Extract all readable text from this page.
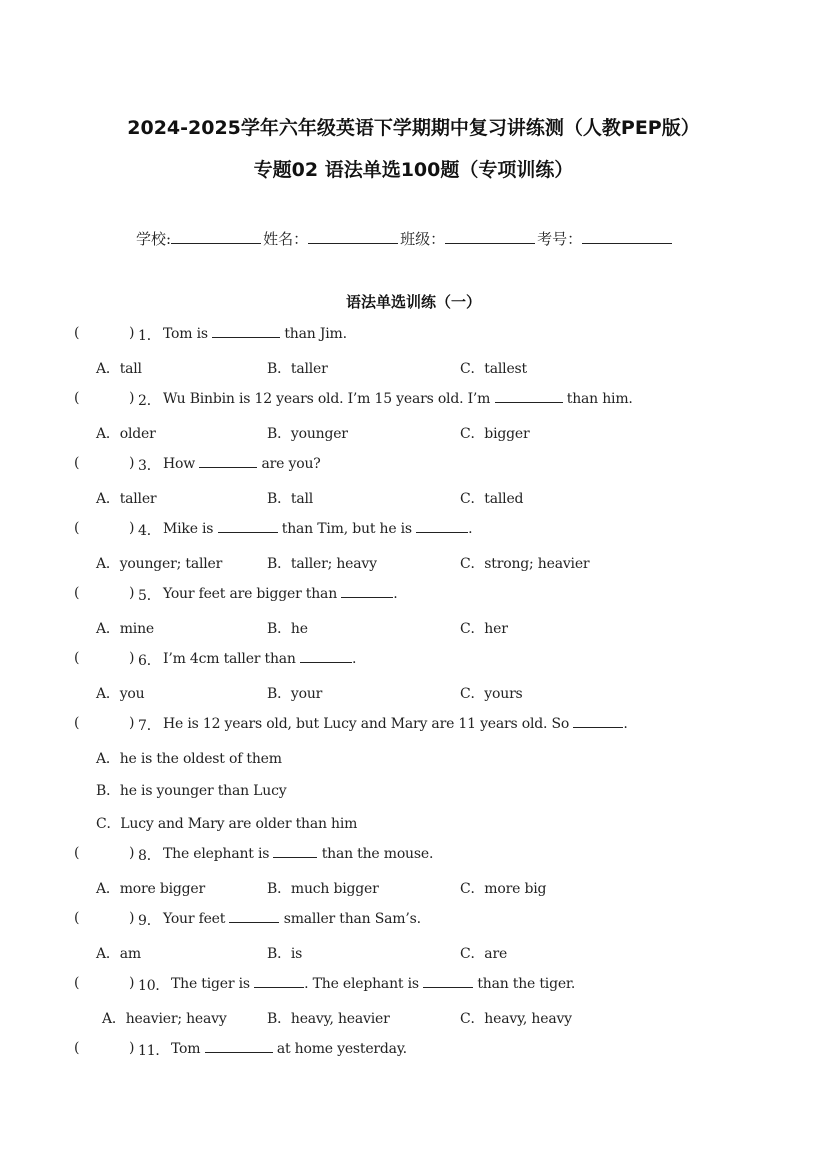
2024-2025学年六年级英语下学期期中复习讲练测（人教PEP版）
专题02 语法单选100题（专项训练）
学校:	姓名：	班级：	考号：
语法单选训练（一）
(	) 1． Tom is	than Jim.
A．tall	B．taller	C．tallest
(	) 2． Wu Binbin is 12 years old. I’m 15 years old. I’m	than him.
A．older	B．younger	C．bigger
(	) 3． How	are you?
A．taller	B．tall	C．talled
(	) 4． Mike is	than Tim, but he is	.
A．younger; taller	B．taller; heavy	C．strong; heavier
(	) 5． Your feet are bigger than	.
A．mine	B．he	C．her
(	) 6． I’m 4cm taller than	.
A．you	B．your	C．yours
(	) 7． He is 12 years old, but Lucy and Mary are 11 years old. So	.
A．he is the oldest of them
B．he is younger than Lucy
C．Lucy and Mary are older than him
(	) 8． The elephant is	than the mouse.
A．more bigger	B．much bigger	C．more big
(	) 9． Your feet	smaller than Sam’s.
A．am	B．is	C．are
(	) 10． The tiger is	. The elephant is	than the tiger.
A．heavier; heavy	B．heavy, heavier	C．heavy, heavy
(	) 11． Tom	at home yesterday.
